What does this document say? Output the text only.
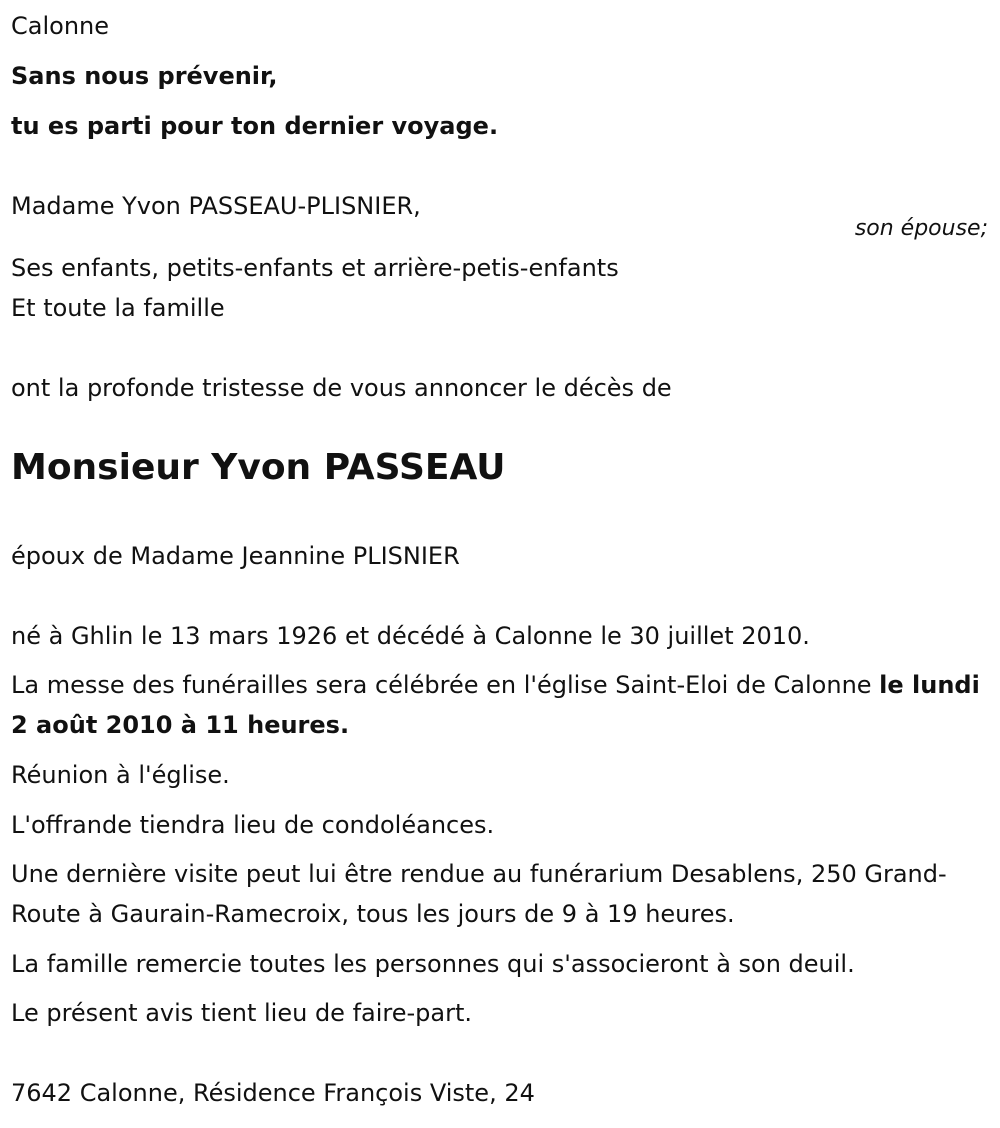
Calonne
Sans nous prévenir,
tu es parti pour ton dernier voyage.
Madame Yvon PASSEAU-PLISNIER,
son épouse;
Ses enfants, petits-enfants et arrière-petis-enfants
Et toute la famille
ont la profonde tristesse de vous annoncer le décès de
Monsieur Yvon PASSEAU
époux de Madame Jeannine PLISNIER
né à Ghlin le 13 mars 1926 et décédé à Calonne le 30 juillet 2010.
La messe des funérailles sera célébrée en l'église Saint-Eloi de Calonne le lundi 2 août 2010 à 11 heures.
Réunion à l'église.
L'offrande tiendra lieu de condoléances.
Une dernière visite peut lui être rendue au funérarium Desablens, 250 Grand-Route à Gaurain-Ramecroix, tous les jours de 9 à 19 heures.
La famille remercie toutes les personnes qui s'associeront à son deuil.
Le présent avis tient lieu de faire-part.
7642 Calonne, Résidence François Viste, 24
